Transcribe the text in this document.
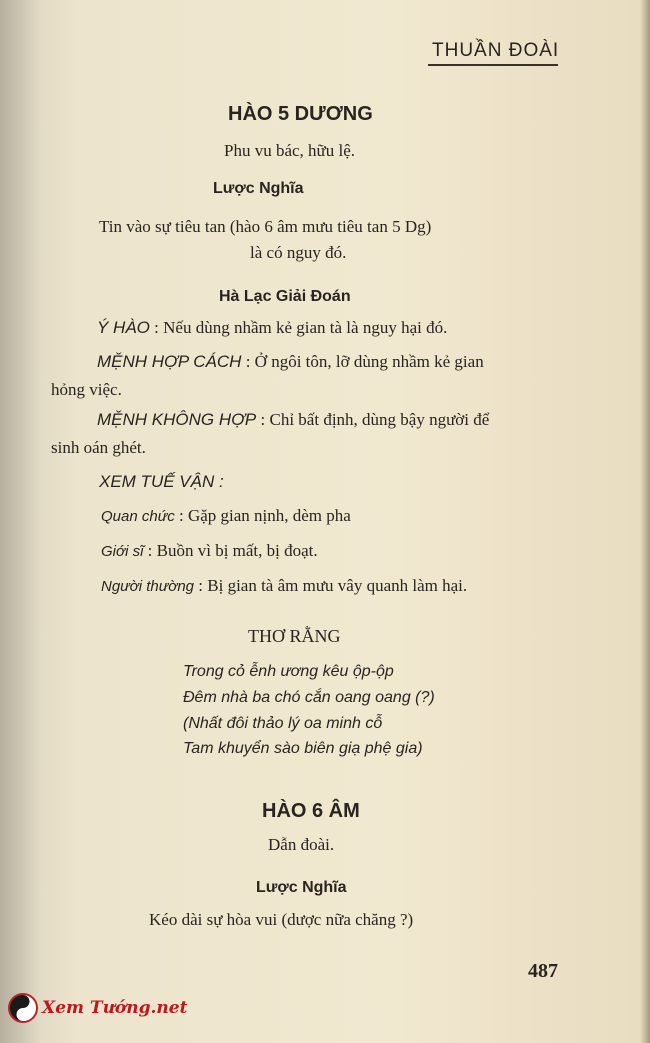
THUẦN ĐOÀI
HÀO 5 DƯƠNG
Phu vu bác, hữu lệ.
Lược Nghĩa
Tin vào sự tiêu tan (hào 6 âm mưu tiêu tan 5 Dg)
là có nguy đó.
Hà Lạc Giải Đoán
Ý HÀO : Nếu dùng nhầm kẻ gian tà là nguy hại đó.
MỆNH HỢP CÁCH : Ở ngôi tôn, lỡ dùng nhầm kẻ gian
hỏng việc.
MỆNH KHÔNG HỢP : Chỉ bất định, dùng bậy người để
sinh oán ghét.
XEM TUẾ VẬN :
Quan chức : Gặp gian nịnh, dèm pha
Giới sĩ : Buồn vì bị mất, bị đoạt.
Người thường : Bị gian tà âm mưu vây quanh làm hại.
THƠ RẰNG
Trong cỏ ễnh ương kêu ộp-ộp
Đêm nhà ba chó cắn oang oang (?)
(Nhất đôi thảo lý oa minh cỗ
Tam khuyển sào biên giạ phệ gia)
HÀO 6 ÂM
Dẫn đoài.
Lược Nghĩa
Kéo dài sự hòa vui (dược nữa chăng ?)
487
Xem Tướng.net
